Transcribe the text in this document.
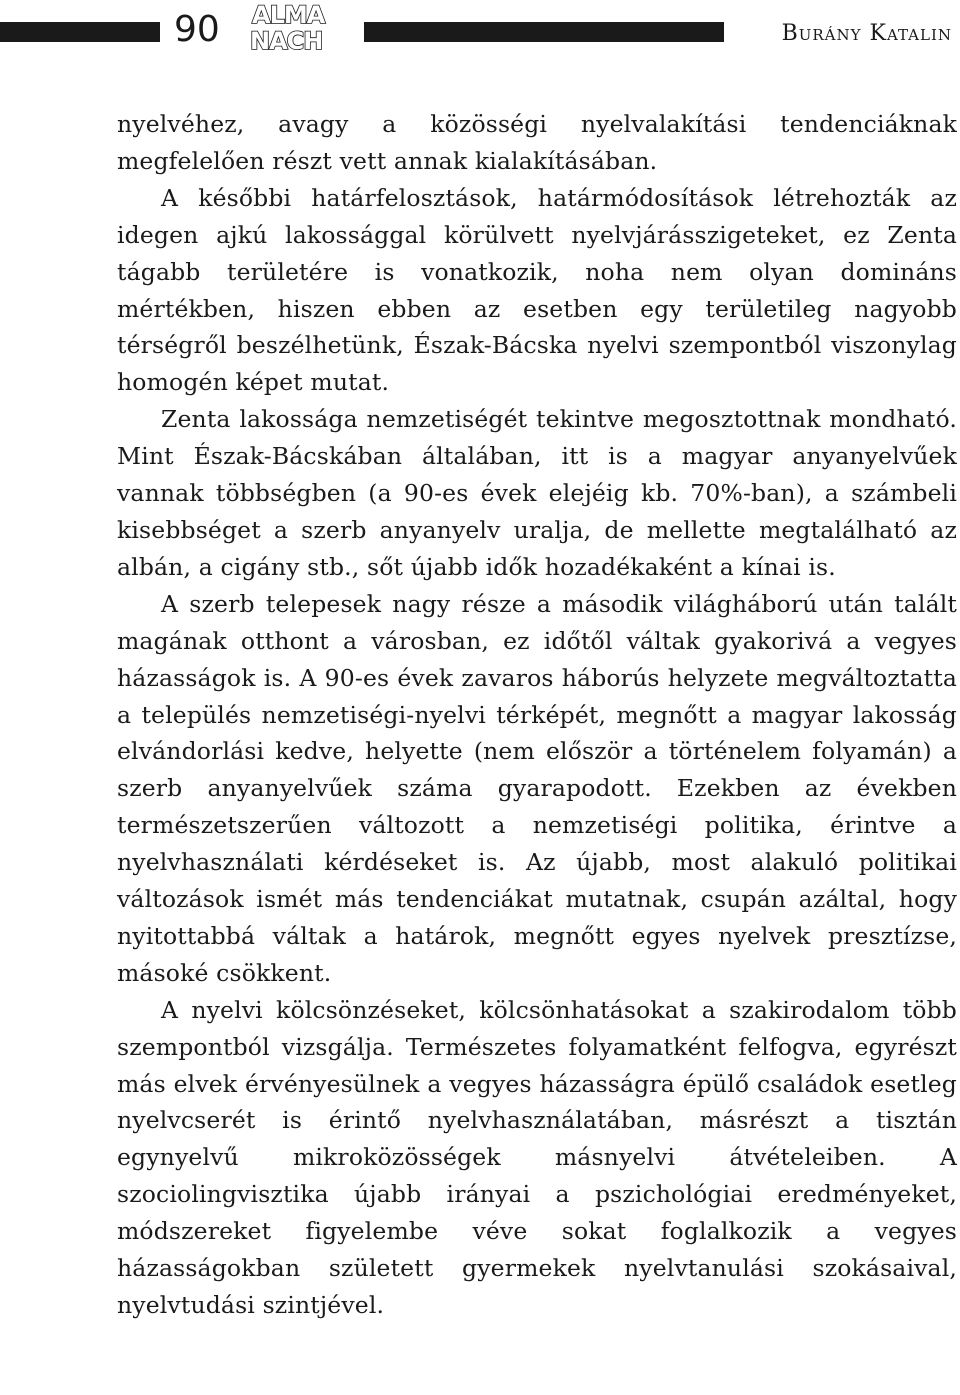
90 ALMA
NACH	Burány Katalin

nyelvéhez, avagy a közösségi nyelvalakítási tendenciáknak megfelelően részt vett annak kialakításában.

A későbbi határfelosztások, határmódosítások létrehozták az idegen ajkú lakossággal körülvett nyelvjárásszigeteket, ez Zenta tágabb területére is vonatkozik, noha nem olyan domináns mértékben, hiszen ebben az esetben egy területileg nagyobb térségről beszélhetünk, Észak-Bácska nyelvi szempontból viszonylag homogén képet mutat.

Zenta lakossága nemzetiségét tekintve megosztottnak mondható. Mint Észak-Bácskában általában, itt is a magyar anyanyelvűek vannak többségben (a 90-es évek elejéig kb. 70%-ban), a számbeli kisebbséget a szerb anyanyelv uralja, de mellette megtalálható az albán, a cigány stb., sőt újabb idők hozadékaként a kínai is.

A szerb telepesek nagy része a második világháború után talált magának otthont a városban, ez időtől váltak gyakorivá a vegyes házasságok is. A 90-es évek zavaros háborús helyzete megváltoztatta a település nemzetiségi-nyelvi térképét, megnőtt a magyar lakosság elvándorlási kedve, helyette (nem először a történelem folyamán) a szerb anyanyelvűek száma gyarapodott. Ezekben az években természetszerűen változott a nemzetiségi politika, érintve a nyelvhasználati kérdéseket is. Az újabb, most alakuló politikai változások ismét más tendenciákat mutatnak, csupán azáltal, hogy nyitottabbá váltak a határok, megnőtt egyes nyelvek presztízse, másoké csökkent.

A nyelvi kölcsönzéseket, kölcsönhatásokat a szakirodalom több szempontból vizsgálja. Természetes folyamatként felfogva, egyrészt más elvek érvényesülnek a vegyes házasságra épülő családok esetleg nyelvcserét is érintő nyelvhasználatában, másrészt a tisztán egynyelvű mikroközösségek másnyelvi átvételeiben. A szociolingvisztika újabb irányai a pszichológiai eredményeket, módszereket figyelembe véve sokat foglalkozik a vegyes házasságokban született gyermekek nyelvtanulási szokásaival, nyelvtudási szintjével.
